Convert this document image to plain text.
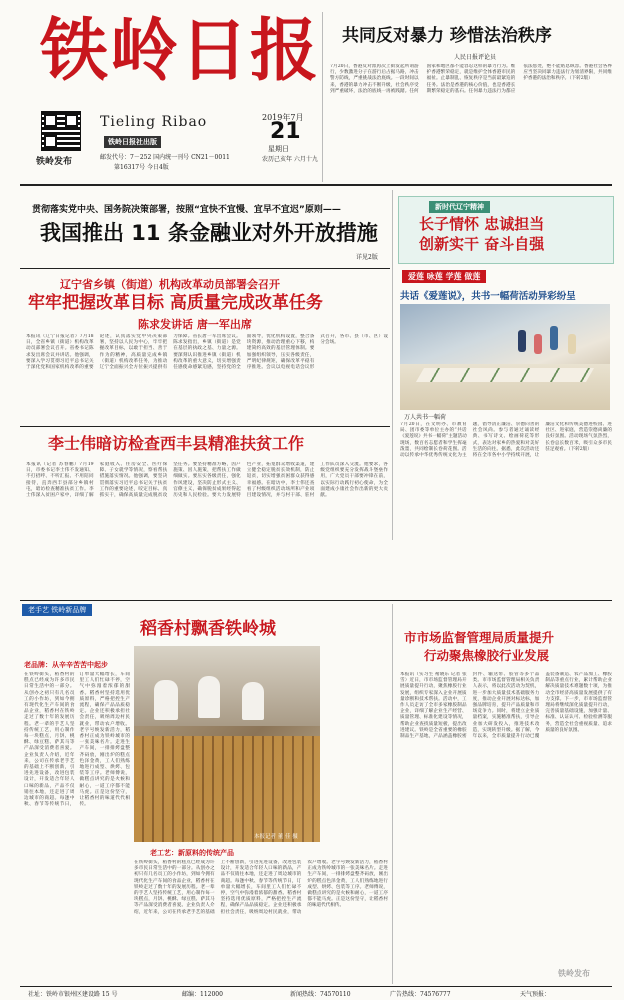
铁岭日报
铁岭发布
Tieling Ribao
铁岭日报社出版
邮发代号：7－252 国内统一刊号 CN21－0011
第16317号 今日4版
2019年7月
21
星期日
农历己亥年 六月十九
共同反对暴力 珍惜法治秩序
人民日报评论员
7月20日，香港反对派再次上街发起所谓游行，少数激进分子在游行后占据马路，冲击警方防线，严重挑战法治底线。一段时间以来，香港的暴力冲击不断升级，社会秩序受到严重破坏，法治的底线一再被践踏。任何国家和地区都不能容忍这样的暴力行为。维护香港繁荣稳定，就是维护全体香港市民的福祉。止暴制乱、恢复秩序是当前最紧迫的任务。法治是香港的核心价值，也是香港长期繁荣稳定的基石。任何暴力违法行为都应依法惩处，绝不能姑息纵容。香港社会各界应当坚决同暴力违法行为划清界限，共同维护香港的法治和秩序。（下转2版）
贯彻落实党中央、国务院决策部署，按照“宜快不宜慢、宜早不宜迟”原则——
我国推出 11 条金融业对外开放措施
详见2版
新时代辽宁精神
长子情怀 忠诚担当
创新实干 奋斗自强
辽宁省乡镇（街道）机构改革动员部署会召开
牢牢把握改革目标 高质量完成改革任务
陈求发讲话 唐一军出席
本报讯（辽宁日报记者）7月18日，全省乡镇（街道）机构改革动员部署会议召开。省委书记陈求发出席会议并讲话。他强调，要深入学习贯彻习近平总书记关于深化党和国家机构改革的重要论述，认真落实党中央决策部署，坚持以人民为中心，牢牢把握改革目标，以敢于担当、善于作为的精神，高质量完成乡镇（街道）机构改革任务，为推动辽宁全面振兴全方位振兴提供有力保障。省长唐一军出席会议。陈求发指出，乡镇（街道）是党在基层的执政之基、力量之源。要深刻认识推进乡镇（街道）机构改革的重大意义，切实增强责任感使命感紧迫感，坚持党的全面领导，优化机构设置，整合条块资源，推动治理重心下移，构建简约高效的基层管理体制。要加强组织领导，压实各级责任，严明纪律规矩，确保改革平稳有序推进。会议以电视电话会议形式召开，各市、县（市、区）设分会场。
李士伟暗访检查西丰县精准扶贫工作
本报讯（记者 苏春鹏）7月19日，市委书记李士伟不发通知、不打招呼、不听汇报、不用陪同接待，直奔西丰县部分乡镇村屯，暗访检查精准扶贫工作。李士伟深入贫困户家中，详细了解家庭收入、住房安全、医疗保障、子女就学等情况，察看帮扶措施落实情况。他强调，要坚决贯彻落实习近平总书记关于扶贫工作的重要论述，咬定目标、真抓实干，确保高质量完成脱贫攻坚任务。要坚持精准方略，因户施策、因人施策，把帮扶工作做细做实。要压实各级责任，强化作风建设，坚决防止形式主义、官僚主义，确保脱贫成果经得起历史和人民检验。要大力发展特色产业，拓宽群众增收渠道，建立健全稳定脱贫长效机制，防止返贫，切实增强贫困群众获得感幸福感。在暗访中，李士伟还查看了村级组织活动场所和产业项目建设情况，并与村干部、驻村工作队员深入交流。他要求，各级党组织要充分发挥战斗堡垒作用，广大党员干部要冲锋在前，以实际行动践行初心使命，为全面建成小康社会作出新的更大贡献。
爱莲 咏莲 学莲 做莲
共话《爱莲说》，共书一幅荷活动异彩纷呈
万人共书一幅荷
7月20日，在文明办、市教育局、团市委等单位主办的“共话《爱莲说》共书一幅荷”主题活动现场，数百名志愿者和学生挥毫泼墨，共同绘制长卷荷花图。活动以传承中华优秀传统文化为主题，倡导清正廉洁、崇德向善的社会风尚。参与者通过诵读经典、书写诗文、绘画荷花等形式，表达对家乡的热爱和对美好生活的向往。据悉，此次活动还将在全市各中小学持续开展，让廉洁文化和传统美德进校园、进社区、进家庭，营造崇德尚廉的良好氛围。活动现场气氛热烈，长卷总长数百米，吸引众多市民驻足观看。（下转2版）
老手艺 铁岭新品牌
稻香村飘香铁岭城
本报记者 董 佳 摄
老品牌：从辛辛苦苦中起步
在铁岭街头，稻香村的糕点已经成为许多市民日常生活中的一部分。从创办之初只有几名员工的小作坊，到如今拥有现代化生产车间的食品企业，稻香村在铁岭走过了数十年的发展历程。老一辈的手艺人坚持传统工艺，用心制作每一块糕点，月饼、桃酥、绿豆糕、萨其马等产品深受消费者喜爱。企业负责人介绍，近年来，公司在传承老手艺的基础上不断创新，引进先进设备，改进包装设计，开发适合年轻人口味的新品，产品不仅销往本地，还走进了周边城市的商超。每逢中秋、春节等传统节日，订单量大幅增长，车间里工人们忙碌不停，空气中弥漫着浓郁的甜香。稻香村坚持选用优质原料，严格把控生产流程，确保产品品质稳定。企业还积极承担社会责任，吸纳周边村民就业，带动农户增收。老字号焕发新活力，稻香村正成为铁岭城市的一张美味名片。走进生产车间，一排排烤盘整齐码放，刚出炉的糕点色泽金黄，工人们熟练地进行成型、烘烤、包装等工序。老师傅说，做糕点讲究的是火候和耐心，一道工序都不能马虎。正是这份坚守，让稻香村的味道代代相传。
老工艺：新原料的传统产品
在铁岭街头，稻香村的糕点已经成为许多市民日常生活中的一部分。从创办之初只有几名员工的小作坊，到如今拥有现代化生产车间的食品企业，稻香村在铁岭走过了数十年的发展历程。老一辈的手艺人坚持传统工艺，用心制作每一块糕点，月饼、桃酥、绿豆糕、萨其马等产品深受消费者喜爱。企业负责人介绍，近年来，公司在传承老手艺的基础上不断创新，引进先进设备，改进包装设计，开发适合年轻人口味的新品，产品不仅销往本地，还走进了周边城市的商超。每逢中秋、春节等传统节日，订单量大幅增长，车间里工人们忙碌不停，空气中弥漫着浓郁的甜香。稻香村坚持选用优质原料，严格把控生产流程，确保产品品质稳定。企业还积极承担社会责任，吸纳周边村民就业，带动农户增收。老字号焕发新活力，稻香村正成为铁岭城市的一张美味名片。走进生产车间，一排排烤盘整齐码放，刚出炉的糕点色泽金黄，工人们熟练地进行成型、烘烤、包装等工序。老师傅说，做糕点讲究的是火候和耐心，一道工序都不能马虎。正是这份坚守，让稻香村的味道代代相传。
市市场监督管理局质量提升
行动聚焦橡胶行业发展
本报讯（实习生 褚晓东 记者 张雪）近日，市市场监督管理局开展质量提升行动，聚焦橡胶行业发展，组织专家深入企业开展质量诊断和技术帮扶。活动中，工作人员走访了全市多家橡胶制品企业，详细了解企业生产经营、质量管理、标准化建设等情况，帮助企业查找质量短板，提出改进建议。铁岭是全省重要的橡胶制品生产基地，产品涵盖橡胶密封件、输送带、胶管等多个品类。市市场监督管理局相关负责人表示，将以此次活动为契机，进一步加大质量技术基础服务力度，推动企业开展对标达标，加强品牌培育，提升产品质量和市场竞争力。同时，将建立企业质量档案，实施精准帮扶，引导企业加大研发投入，推进技术改造，实现转型升级。据了解，今年以来，全市质量提升行动已覆盖装备制造、农产品加工、橡胶制品等重点行业，累计帮助企业解决质量技术难题数十项，为推动全市经济高质量发展提供了有力支撑。下一步，市市场监督管理局将继续深化质量提升行动，完善质量基础设施，加强计量、标准、认证认可、检验检测等服务，营造全社会重视质量、追求质量的良好氛围。
社址：铁岭市银州区建设路 15 号	邮编：112000	新闻热线：74570110	广告热线：74576777	天气预报：
铁岭发布
